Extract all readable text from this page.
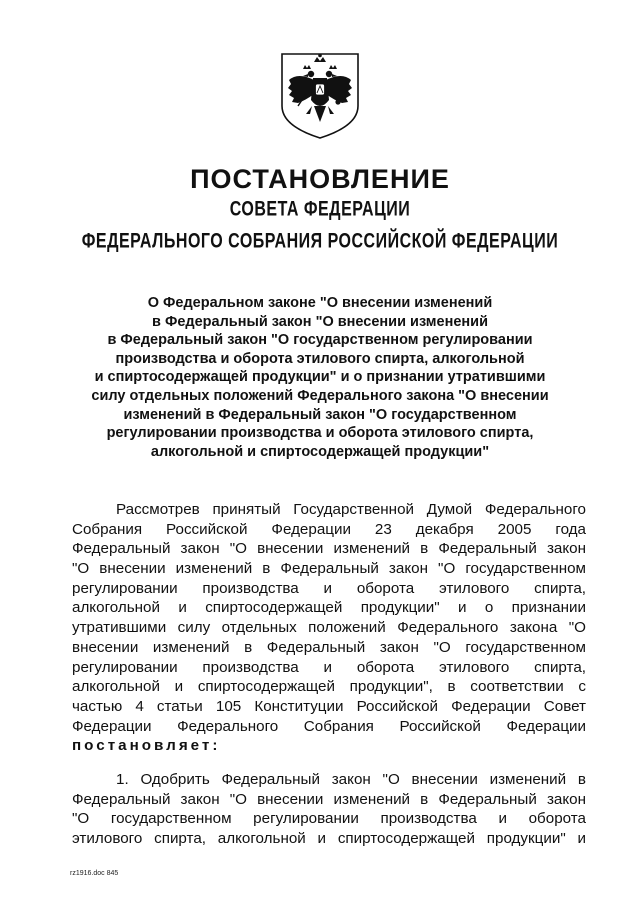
ПОСТАНОВЛЕНИЕ
СОВЕТА ФЕДЕРАЦИИ
ФЕДЕРАЛЬНОГО СОБРАНИЯ РОССИЙСКОЙ ФЕДЕРАЦИИ
О Федеральном законе "О внесении изменений
в Федеральный закон "О внесении изменений
в Федеральный закон "О государственном регулировании
производства и оборота этилового спирта, алкогольной
и спиртосодержащей продукции" и о признании утратившими
силу отдельных положений Федерального закона "О внесении
изменений в Федеральный закон "О государственном
регулировании производства и оборота этилового спирта,
алкогольной и спиртосодержащей продукции"
Рассмотрев принятый Государственной Думой Федерального
Собрания Российской Федерации 23 декабря 2005 года
Федеральный закон "О внесении изменений в Федеральный закон
"О внесении изменений в Федеральный закон "О государственном
регулировании производства и оборота этилового спирта,
алкогольной и спиртосодержащей продукции" и о признании
утратившими силу отдельных положений Федерального закона "О
внесении изменений в Федеральный закон "О государственном
регулировании производства и оборота этилового спирта,
алкогольной и спиртосодержащей продукции", в соответствии с
частью 4 статьи 105 Конституции Российской Федерации Совет
Федерации Федерального Собрания Российской Федерации
постановляет:
1. Одобрить Федеральный закон "О внесении изменений в
Федеральный закон "О внесении изменений в Федеральный закон
"О государственном регулировании производства и оборота
этилового спирта, алкогольной и спиртосодержащей продукции" и
rz1916.doc 845
